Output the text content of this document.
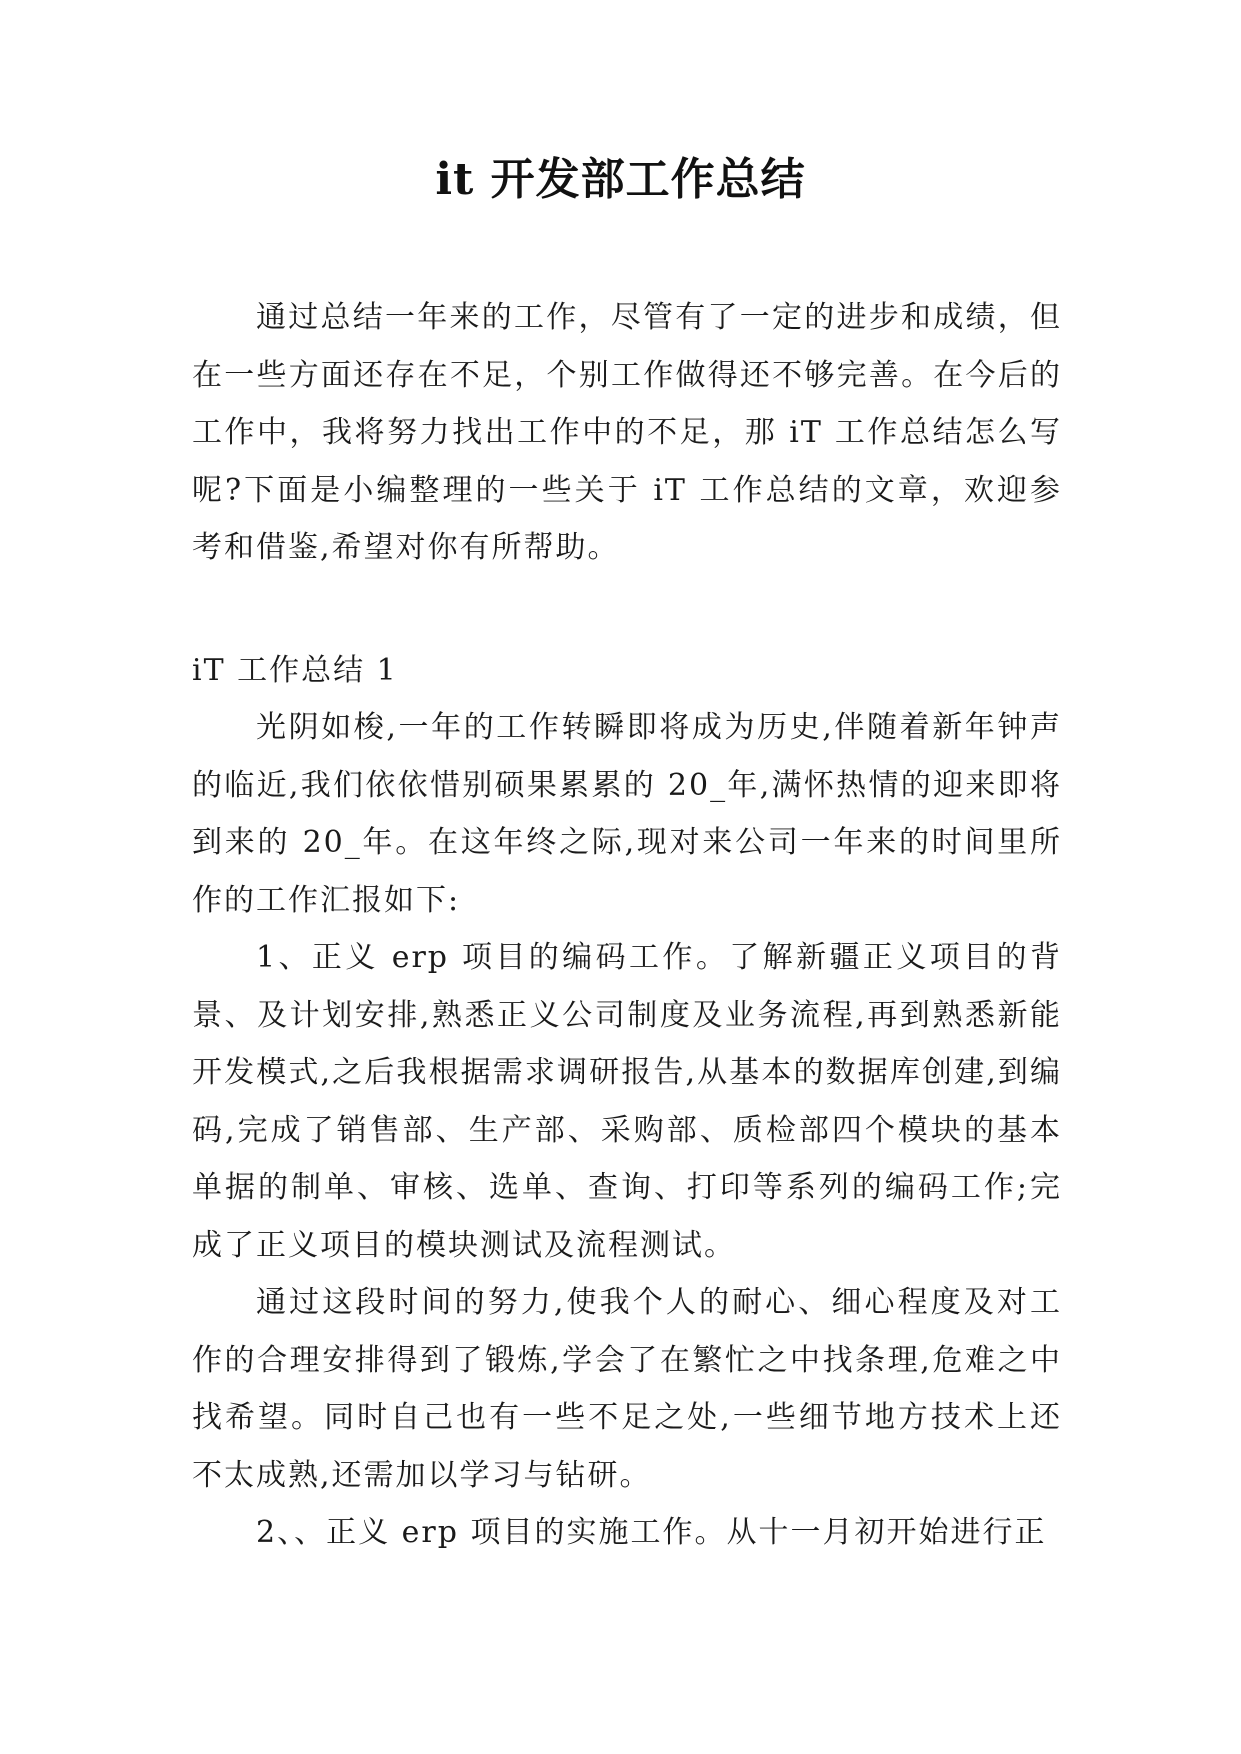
it 开发部工作总结
通过总结一年来的工作，尽管有了一定的进步和成绩，但在一些方面还存在不足，个别工作做得还不够完善。在今后的工作中，我将努力找出工作中的不足，那 iT 工作总结怎么写呢?下面是小编整理的一些关于 iT 工作总结的文章，欢迎参考和借鉴,希望对你有所帮助。
iT 工作总结 1
光阴如梭,一年的工作转瞬即将成为历史,伴随着新年钟声的临近,我们依依惜别硕果累累的 20_年,满怀热情的迎来即将到来的 20_年。在这年终之际,现对来公司一年来的时间里所作的工作汇报如下:
1、正义 erp 项目的编码工作。了解新疆正义项目的背景、及计划安排,熟悉正义公司制度及业务流程,再到熟悉新能开发模式,之后我根据需求调研报告,从基本的数据库创建,到编码,完成了销售部、生产部、采购部、质检部四个模块的基本单据的制单、审核、选单、查询、打印等系列的编码工作;完成了正义项目的模块测试及流程测试。
通过这段时间的努力,使我个人的耐心、细心程度及对工作的合理安排得到了锻炼,学会了在繁忙之中找条理,危难之中找希望。同时自己也有一些不足之处,一些细节地方技术上还不太成熟,还需加以学习与钻研。
2、、正义 erp 项目的实施工作。从十一月初开始进行正
